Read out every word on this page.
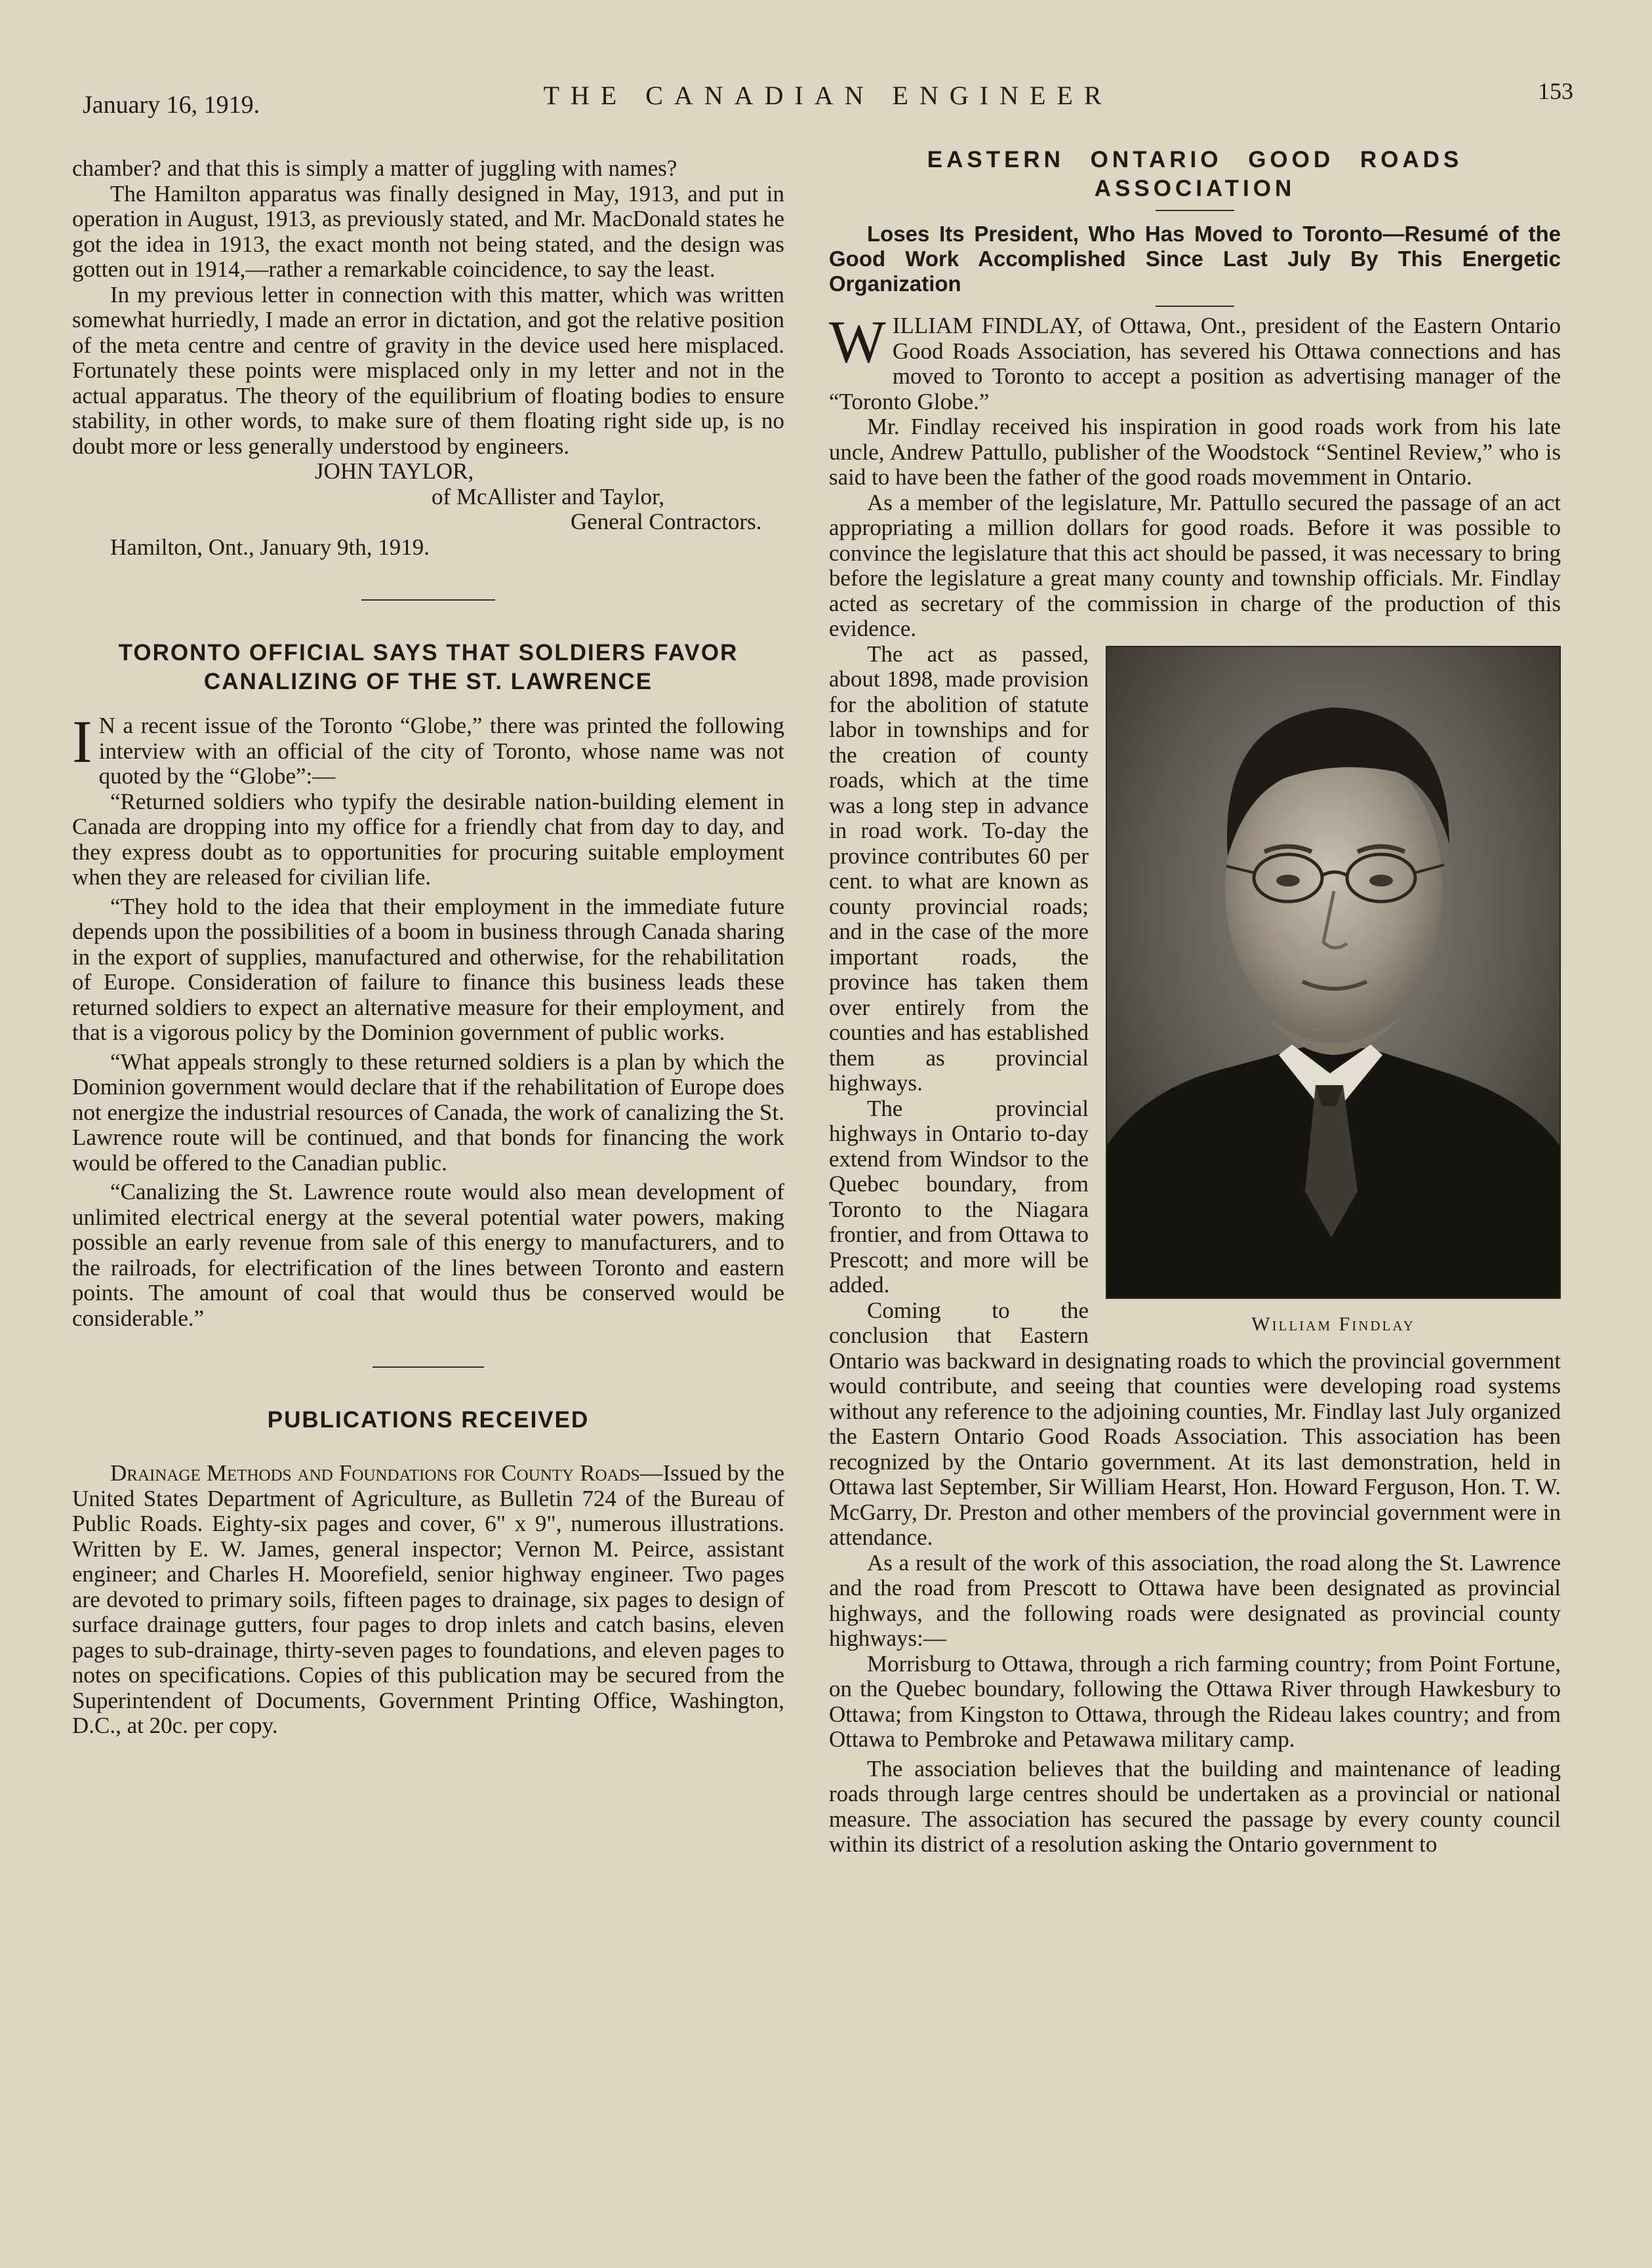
January 16, 1919.	THE CANADIAN ENGINEER	153

chamber? and that this is simply a matter of juggling with names?

The Hamilton apparatus was finally designed in May, 1913, and put in operation in August, 1913, as previously stated, and Mr. MacDonald states he got the idea in 1913, the exact month not being stated, and the design was gotten out in 1914,—rather a remarkable coincidence, to say the least.

In my previous letter in connection with this matter, which was written somewhat hurriedly, I made an error in dictation, and got the relative position of the meta centre and centre of gravity in the device used here misplaced. Fortunately these points were misplaced only in my letter and not in the actual apparatus. The theory of the equilibrium of floating bodies to ensure stability, in other words, to make sure of them floating right side up, is no doubt more or less generally understood by engineers.

JOHN TAYLOR,

of McAllister and Taylor,

General Contractors.

Hamilton, Ont., January 9th, 1919.

TORONTO OFFICIAL SAYS THAT SOLDIERS FAVOR CANALIZING OF THE ST. LAWRENCE

I N a recent issue of the Toronto “Globe,” there was printed the following interview with an official of the city of Toronto, whose name was not quoted by the “Globe”:—

“Returned soldiers who typify the desirable nation-building element in Canada are dropping into my office for a friendly chat from day to day, and they express doubt as to opportunities for procuring suitable employment when they are released for civilian life.

“They hold to the idea that their employment in the immediate future depends upon the possibilities of a boom in business through Canada sharing in the export of supplies, manufactured and otherwise, for the rehabilitation of Europe. Consideration of failure to finance this business leads these returned soldiers to expect an alternative measure for their employment, and that is a vigorous policy by the Dominion government of public works.

“What appeals strongly to these returned soldiers is a plan by which the Dominion government would declare that if the rehabilitation of Europe does not energize the industrial resources of Canada, the work of canalizing the St. Lawrence route will be continued, and that bonds for financing the work would be offered to the Canadian public.

“Canalizing the St. Lawrence route would also mean development of unlimited electrical energy at the several potential water powers, making possible an early revenue from sale of this energy to manufacturers, and to the railroads, for electrification of the lines between Toronto and eastern points. The amount of coal that would thus be conserved would be considerable.”

PUBLICATIONS RECEIVED

Drainage Methods and Foundations for County Roads—Issued by the United States Department of Agriculture, as Bulletin 724 of the Bureau of Public Roads. Eighty-six pages and cover, 6" x 9", numerous illustrations. Written by E. W. James, general inspector; Vernon M. Peirce, assistant engineer; and Charles H. Moorefield, senior highway engineer. Two pages are devoted to primary soils, fifteen pages to drainage, six pages to design of surface drainage gutters, four pages to drop inlets and catch basins, eleven pages to sub-drainage, thirty-seven pages to foundations, and eleven pages to notes on specifications. Copies of this publication may be secured from the Superintendent of Documents, Government Printing Office, Washington, D.C., at 20c. per copy.

EASTERN ONTARIO GOOD ROADS ASSOCIATION

Loses Its President, Who Has Moved to Toronto—Resumé of the Good Work Accomplished Since Last July By This Energetic Organization

WILLIAM FINDLAY, of Ottawa, Ont., president of the Eastern Ontario Good Roads Association, has severed his Ottawa connections and has moved to Toronto to accept a position as advertising manager of the “Toronto Globe.”

Mr. Findlay received his inspiration in good roads work from his late uncle, Andrew Pattullo, publisher of the Woodstock “Sentinel Review,” who is said to have been the father of the good roads movemment in Ontario.

As a member of the legislature, Mr. Pattullo secured the passage of an act appropriating a million dollars for good roads. Before it was possible to convince the legislature that this act should be passed, it was necessary to bring before the legislature a great many county and township officials. Mr. Findlay acted as secretary of the commission in charge of the production of this evidence.

William Findlay

The act as passed, about 1898, made provision for the abolition of statute labor in townships and for the creation of county roads, which at the time was a long step in advance in road work. To-day the province contributes 60 per cent. to what are known as county provincial roads; and in the case of the more important roads, the province has taken them over entirely from the counties and has established them as provincial highways.

The provincial highways in Ontario to-day extend from Windsor to the Quebec boundary, from Toronto to the Niagara frontier, and from Ottawa to Prescott; and more will be added.

Coming to the conclusion that Eastern Ontario was backward in designating roads to which the provincial government would contribute, and seeing that counties were developing road systems without any reference to the adjoining counties, Mr. Findlay last July organized the Eastern Ontario Good Roads Association. This association has been recognized by the Ontario government. At its last demonstration, held in Ottawa last September, Sir William Hearst, Hon. Howard Ferguson, Hon. T. W. McGarry, Dr. Preston and other members of the provincial government were in attendance.

As a result of the work of this association, the road along the St. Lawrence and the road from Prescott to Ottawa have been designated as provincial highways, and the following roads were designated as provincial county highways:—

Morrisburg to Ottawa, through a rich farming country; from Point Fortune, on the Quebec boundary, following the Ottawa River through Hawkesbury to Ottawa; from Kingston to Ottawa, through the Rideau lakes country; and from Ottawa to Pembroke and Petawawa military camp.

The association believes that the building and maintenance of leading roads through large centres should be undertaken as a provincial or national measure. The association has secured the passage by every county council within its district of a resolution asking the Ontario government to
